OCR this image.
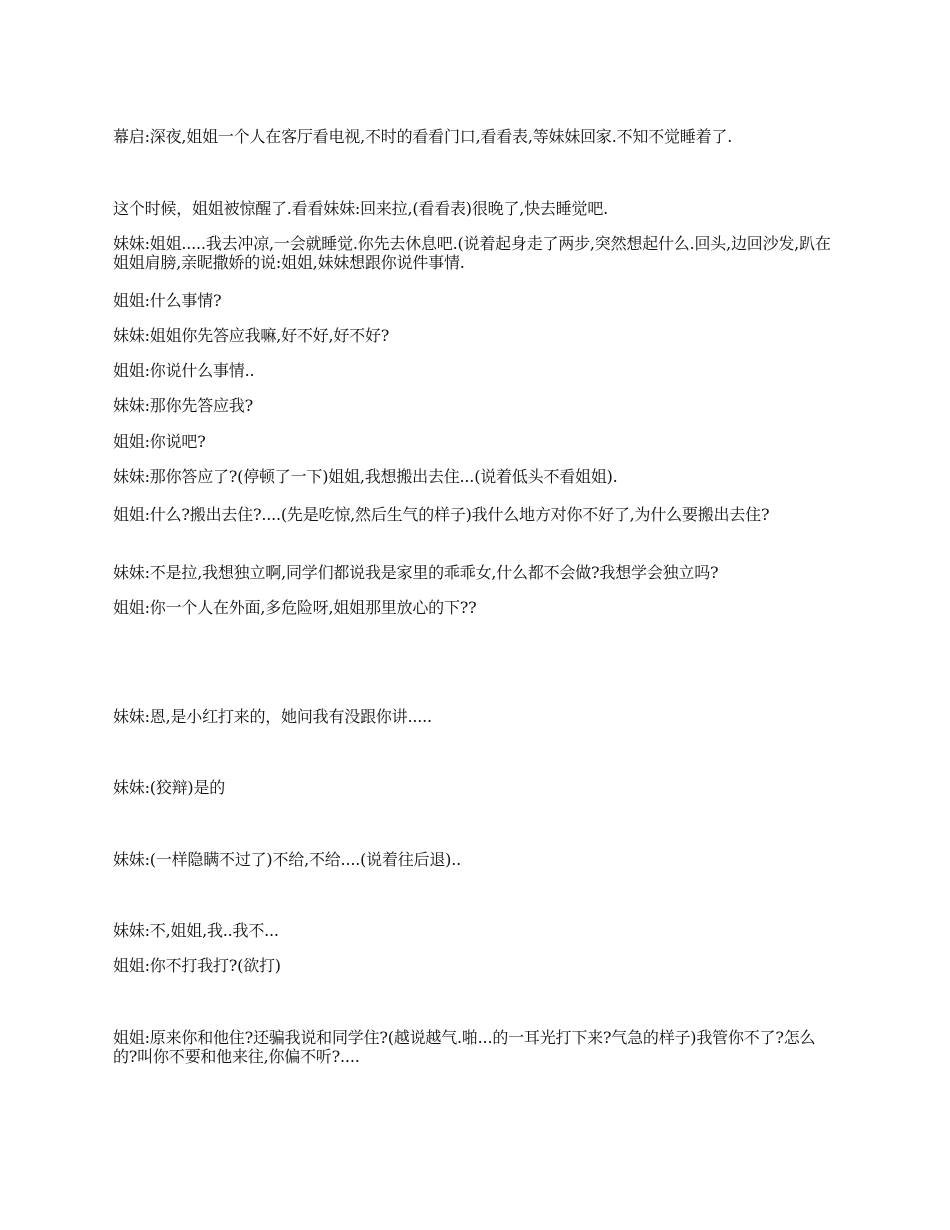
幕启:深夜,姐姐一个人在客厅看电视,不时的看看门口,看看表,等妹妹回家.不知不觉睡着了.
这个时候，姐姐被惊醒了.看看妹妹:回来拉,(看看表)很晚了,快去睡觉吧.
妹妹:姐姐.....我去冲凉,一会就睡觉.你先去休息吧.(说着起身走了两步,突然想起什么.回头,边回沙发,趴在姐姐肩膀,亲昵撒娇的说:姐姐,妹妹想跟你说件事情.
姐姐:什么事情?
妹妹:姐姐你先答应我嘛,好不好,好不好?
姐姐:你说什么事情..
妹妹:那你先答应我?
姐姐:你说吧?
妹妹:那你答应了?(停顿了一下)姐姐,我想搬出去住...(说着低头不看姐姐).
姐姐:什么?搬出去住?....(先是吃惊,然后生气的样子)我什么地方对你不好了,为什么要搬出去住?
妹妹:不是拉,我想独立啊,同学们都说我是家里的乖乖女,什么都不会做?我想学会独立吗?
姐姐:你一个人在外面,多危险呀,姐姐那里放心的下??
妹妹:恩,是小红打来的，她问我有没跟你讲.....
妹妹:(狡辩)是的
妹妹:(一样隐瞒不过了)不给,不给....(说着往后退)..
妹妹:不,姐姐,我..我不...
姐姐:你不打我打?(欲打)
姐姐:原来你和他住?还骗我说和同学住?(越说越气.啪...的一耳光打下来?气急的样子)我管你不了?怎么的?叫你不要和他来往,你偏不听?....
